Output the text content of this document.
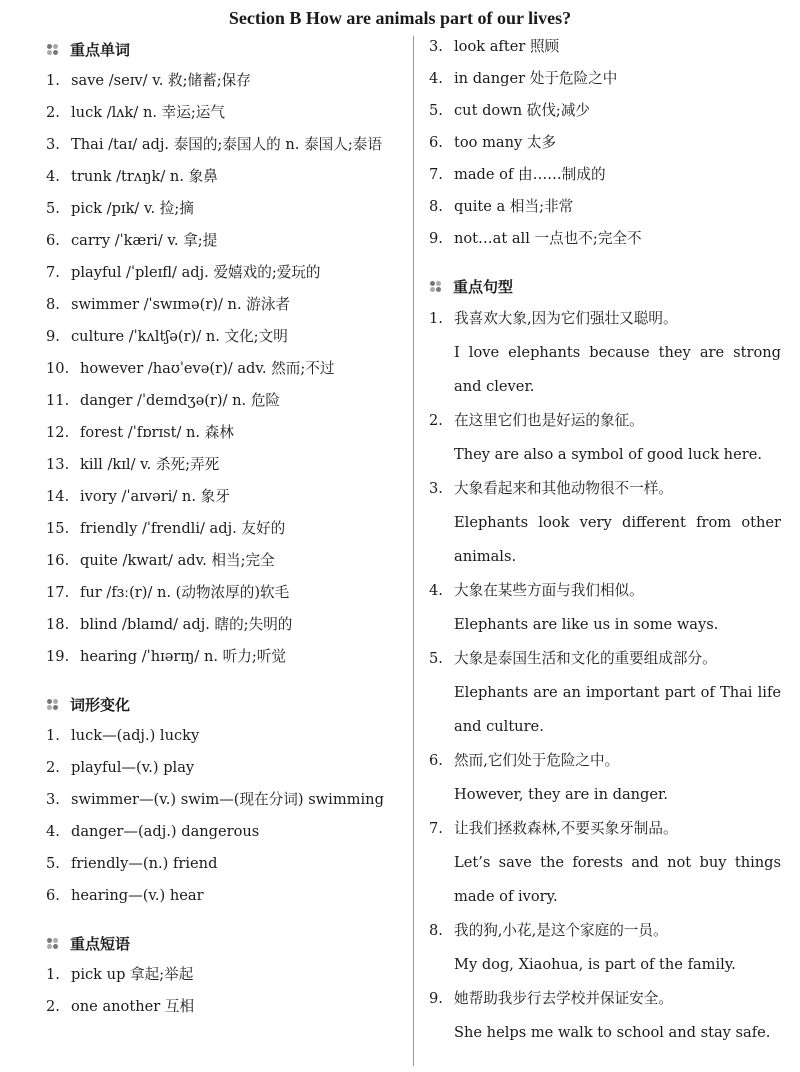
Section B How are animals part of our lives?
重点单词
1. save /seɪv/ v. 救;储蓄;保存
2. luck /lʌk/ n. 幸运;运气
3. Thai /taɪ/ adj. 泰国的;泰国人的 n. 泰国人;泰语
4. trunk /trʌŋk/ n. 象鼻
5. pick /pɪk/ v. 捡;摘
6. carry /ˈkæri/ v. 拿;提
7. playful /ˈpleɪfl/ adj. 爱嬉戏的;爱玩的
8. swimmer /ˈswɪmə(r)/ n. 游泳者
9. culture /ˈkʌltʃə(r)/ n. 文化;文明
10. however /haʊˈevə(r)/ adv. 然而;不过
11. danger /ˈdeɪndʒə(r)/ n. 危险
12. forest /ˈfɒrɪst/ n. 森林
13. kill /kɪl/ v. 杀死;弄死
14. ivory /ˈaɪvəri/ n. 象牙
15. friendly /ˈfrendli/ adj. 友好的
16. quite /kwaɪt/ adv. 相当;完全
17. fur /fɜː(r)/ n. (动物浓厚的)软毛
18. blind /blaɪnd/ adj. 瞎的;失明的
19. hearing /ˈhɪərɪŋ/ n. 听力;听觉
词形变化
1. luck—(adj.) lucky
2. playful—(v.) play
3. swimmer—(v.) swim—(现在分词) swimming
4. danger—(adj.) dangerous
5. friendly—(n.) friend
6. hearing—(v.) hear
重点短语
1. pick up 拿起;举起
2. one another 互相
3. look after 照顾
4. in danger 处于危险之中
5. cut down 砍伐;减少
6. too many 太多
7. made of 由……制成的
8. quite a 相当;非常
9. not…at all 一点也不;完全不
重点句型
1. 我喜欢大象,因为它们强壮又聪明。
I love elephants because they are strong and clever.
2. 在这里它们也是好运的象征。
They are also a symbol of good luck here.
3. 大象看起来和其他动物很不一样。
Elephants look very different from other animals.
4. 大象在某些方面与我们相似。
Elephants are like us in some ways.
5. 大象是泰国生活和文化的重要组成部分。
Elephants are an important part of Thai life and culture.
6. 然而,它们处于危险之中。
However, they are in danger.
7. 让我们拯救森林,不要买象牙制品。
Let’s save the forests and not buy things made of ivory.
8. 我的狗,小花,是这个家庭的一员。
My dog, Xiaohua, is part of the family.
9. 她帮助我步行去学校并保证安全。
She helps me walk to school and stay safe.
